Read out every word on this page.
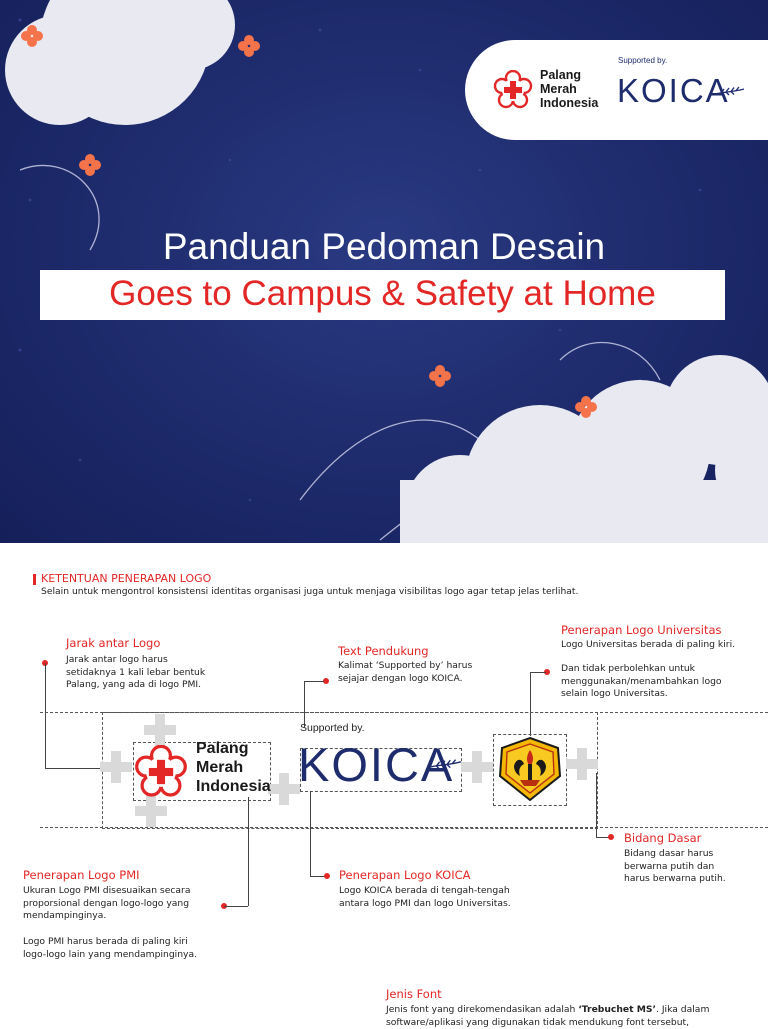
Palang
Merah
Indonesia
Supported by.
KOICA
Panduan Pedoman Desain
Goes to Campus & Safety at Home
KETENTUAN PENERAPAN LOGO
Selain untuk mengontrol konsistensi identitas organisasi juga untuk menjaga visibilitas logo agar tetap jelas terlihat.
Jarak antar Logo
Jarak antar logo harus
setidaknya 1 kali lebar bentuk
Palang, yang ada di logo PMI.
Text Pendukung
Kalimat ‘Supported by’ harus
sejajar dengan logo KOICA.
Penerapan Logo Universitas
Logo Universitas berada di paling kiri.
Dan tidak perbolehkan untuk
menggunakan/menambahkan logo
selain logo Universitas.
Palang
Merah
Indonesia
Supported by.
KOICA
Bidang Dasar
Bidang dasar harus
berwarna putih dan
harus berwarna putih.
Penerapan Logo PMI
Ukuran Logo PMI disesuaikan secara
proporsional dengan logo-logo yang
mendampinginya.
Logo PMI harus berada di paling kiri
logo-logo lain yang mendampinginya.
Penerapan Logo KOICA
Logo KOICA berada di tengah-tengah
antara logo PMI dan logo Universitas.
Jenis Font
Jenis font yang direkomendasikan adalah ‘Trebuchet MS’. Jika dalam
software/aplikasi yang digunakan tidak mendukung font tersebut,
